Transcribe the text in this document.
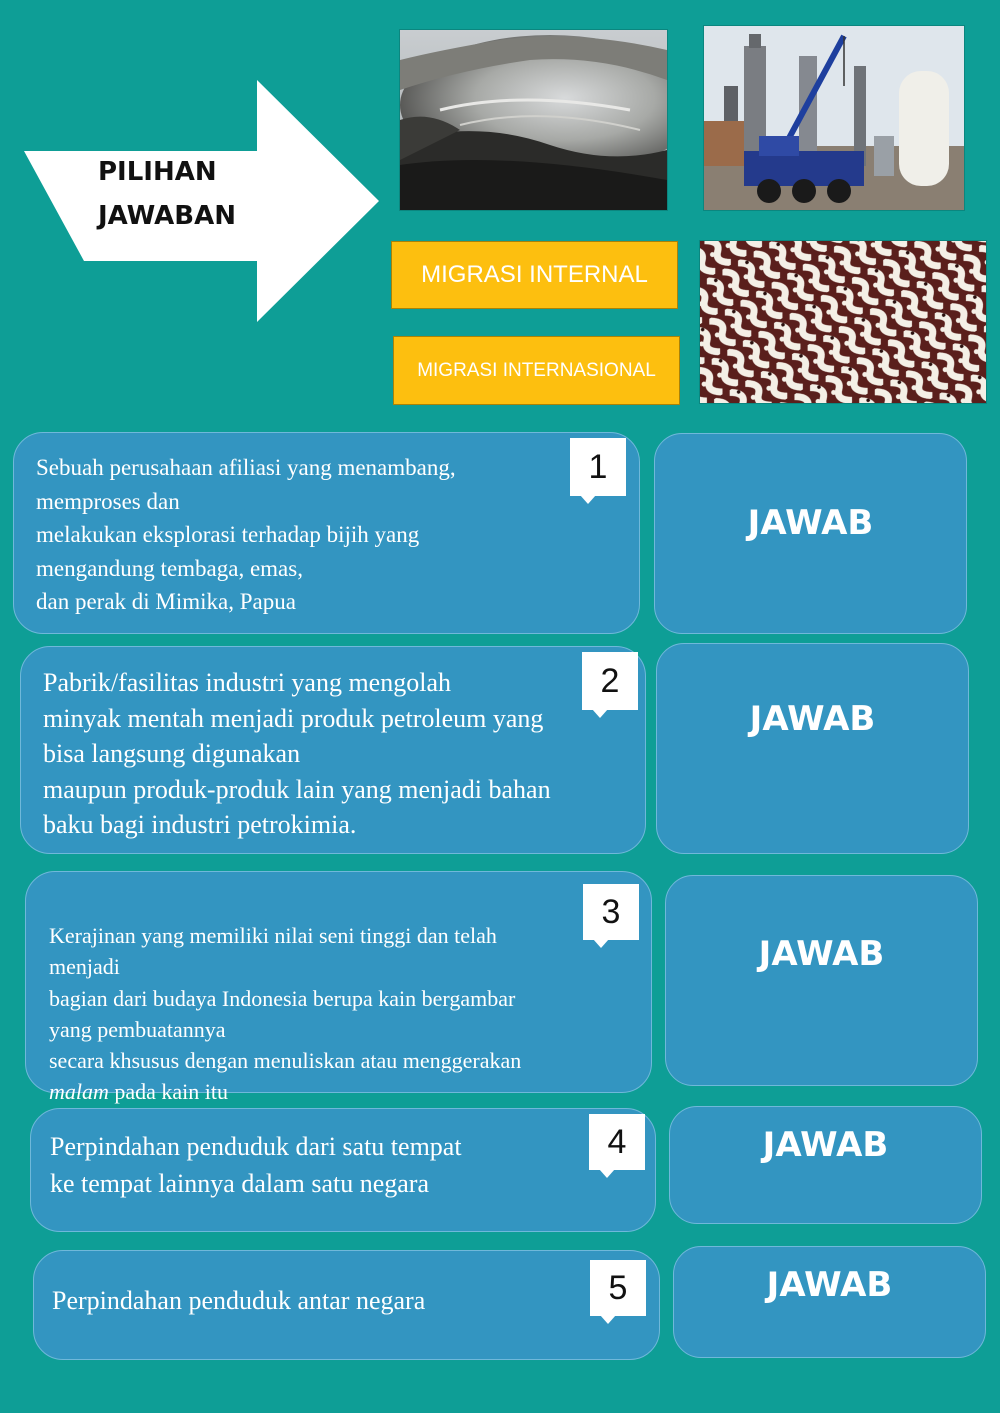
PILIHAN
JAWABAN
MIGRASI INTERNAL
MIGRASI INTERNASIONAL
Sebuah perusahaan afiliasi yang menambang,
memproses dan
melakukan eksplorasi terhadap bijih yang
mengandung tembaga, emas,
dan perak di Mimika, Papua
1
JAWAB
Pabrik/fasilitas industri yang mengolah
minyak mentah menjadi produk petroleum yang
bisa langsung digunakan
maupun produk-produk lain yang menjadi bahan
baku bagi industri petrokimia.
2
JAWAB

Kerajinan yang memiliki nilai seni tinggi dan telah
menjadi
bagian dari budaya Indonesia berupa kain bergambar
yang pembuatannya
secara khsusus dengan menuliskan atau menggerakan
malam pada kain itu

3
JAWAB
Perpindahan penduduk dari satu tempat
ke tempat lainnya dalam satu negara
4	JAWAB
Perpindahan penduduk antar negara	5	JAWAB
